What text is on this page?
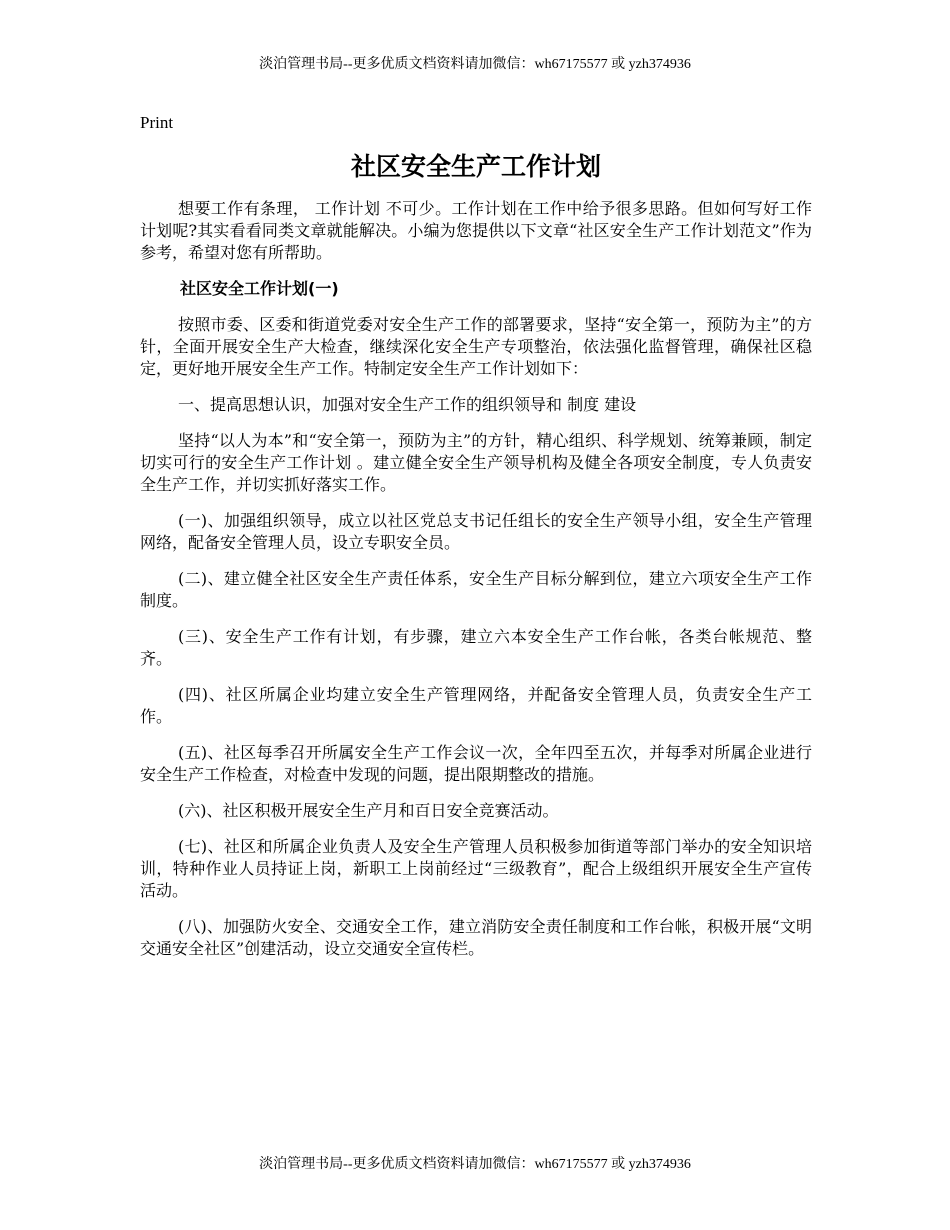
淡泊管理书局--更多优质文档资料请加微信：wh67175577 或 yzh374936
Print
社区安全生产工作计划

想要工作有条理， 工作计划 不可少。工作计划在工作中给予很多思路。但如何写好工作计划呢?其实看看同类文章就能解决。小编为您提供以下文章“社区安全生产工作计划范文”作为参考，希望对您有所帮助。

社区安全工作计划(一)

按照市委、区委和街道党委对安全生产工作的部署要求，坚持“安全第一，预防为主”的方针，全面开展安全生产大检查，继续深化安全生产专项整治，依法强化监督管理，确保社区稳定，更好地开展安全生产工作。特制定安全生产工作计划如下：

一、提高思想认识，加强对安全生产工作的组织领导和 制度 建设

坚持“以人为本”和“安全第一，预防为主”的方针，精心组织、科学规划、统筹兼顾，制定切实可行的安全生产工作计划 。建立健全安全生产领导机构及健全各项安全制度，专人负责安全生产工作，并切实抓好落实工作。

(一)、加强组织领导，成立以社区党总支书记任组长的安全生产领导小组，安全生产管理网络，配备安全管理人员，设立专职安全员。

(二)、建立健全社区安全生产责任体系，安全生产目标分解到位，建立六项安全生产工作制度。

(三)、安全生产工作有计划，有步骤，建立六本安全生产工作台帐，各类台帐规范、整齐。

(四)、社区所属企业均建立安全生产管理网络，并配备安全管理人员，负责安全生产工作。

(五)、社区每季召开所属安全生产工作会议一次，全年四至五次，并每季对所属企业进行安全生产工作检查，对检查中发现的问题，提出限期整改的措施。

(六)、社区积极开展安全生产月和百日安全竞赛活动。

(七)、社区和所属企业负责人及安全生产管理人员积极参加街道等部门举办的安全知识培训，特种作业人员持证上岗，新职工上岗前经过“三级教育”，配合上级组织开展安全生产宣传活动。

(八)、加强防火安全、交通安全工作，建立消防安全责任制度和工作台帐，积极开展“文明交通安全社区”创建活动，设立交通安全宣传栏。

淡泊管理书局--更多优质文档资料请加微信：wh67175577 或 yzh374936
